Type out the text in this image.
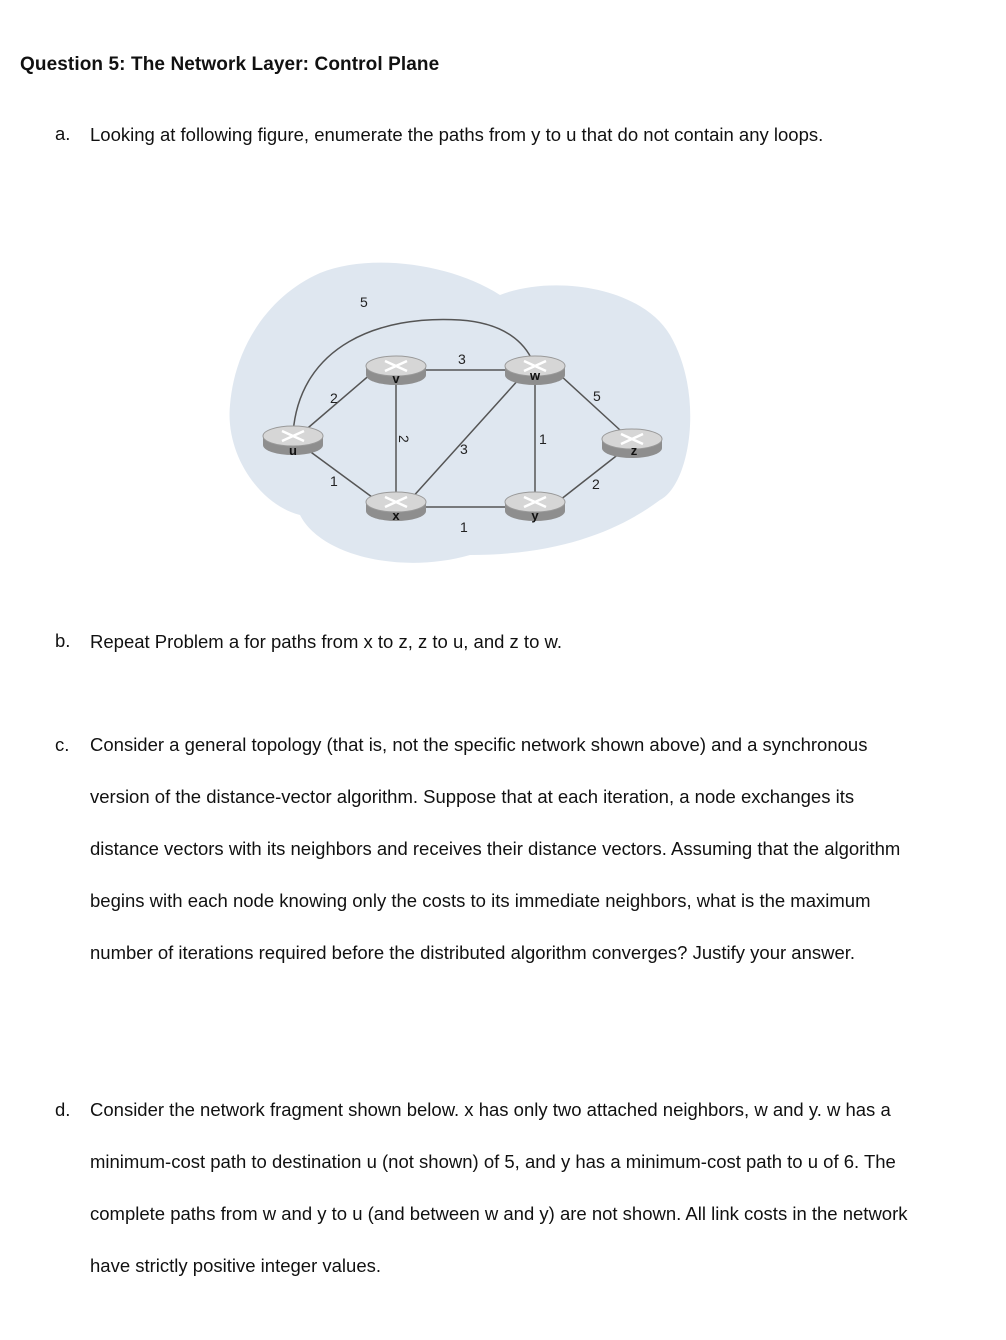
Question 5: The Network Layer: Control Plane
a. Looking at following figure, enumerate the paths from y to u that do not contain any loops.
5
3
2	5
2
3
1
1	2
1
u
v	w
z
x	y
b. Repeat Problem a for paths from x to z, z to u, and z to w.
c. Consider a general topology (that is, not the specific network shown above) and a synchronous version of the distance-vector algorithm. Suppose that at each iteration, a node exchanges its distance vectors with its neighbors and receives their distance vectors. Assuming that the algorithm begins with each node knowing only the costs to its immediate neighbors, what is the maximum number of iterations required before the distributed algorithm converges? Justify your answer.
d. Consider the network fragment shown below. x has only two attached neighbors, w and y. w has a minimum-cost path to destination u (not shown) of 5, and y has a minimum-cost path to u of 6. The complete paths from w and y to u (and between w and y) are not shown. All link costs in the network have strictly positive integer values.
